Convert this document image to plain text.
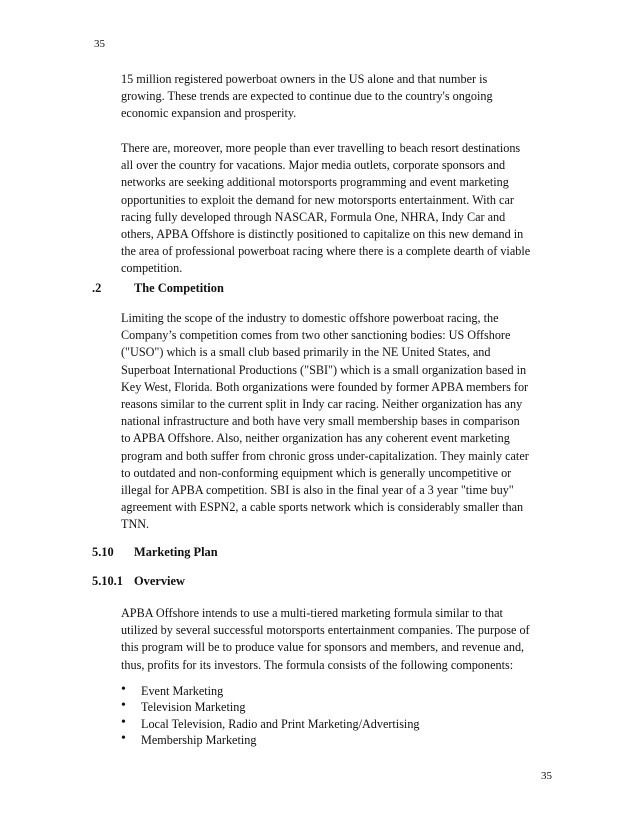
35

15 million registered powerboat owners in the US alone and that number is growing. These trends are expected to continue due to the country's ongoing economic expansion and prosperity.

There are, moreover, more people than ever travelling to beach resort destinations all over the country for vacations. Major media outlets, corporate sponsors and networks are seeking additional motorsports programming and event marketing opportunities to exploit the demand for new motorsports entertainment. With car racing fully developed through NASCAR, Formula One, NHRA, Indy Car and others, APBA Offshore is distinctly positioned to capitalize on this new demand in the area of professional powerboat racing where there is a complete dearth of viable competition.

.2	The Competition

Limiting the scope of the industry to domestic offshore powerboat racing, the Company’s competition comes from two other sanctioning bodies: US Offshore ("USO") which is a small club based primarily in the NE United States, and Superboat International Productions ("SBI") which is a small organization based in Key West, Florida. Both organizations were founded by former APBA members for reasons similar to the current split in Indy car racing. Neither organization has any national infrastructure and both have very small membership bases in comparison to APBA Offshore. Also, neither organization has any coherent event marketing program and both suffer from chronic gross under-capitalization. They mainly cater to outdated and non-conforming equipment which is generally uncompetitive or illegal for APBA competition. SBI is also in the final year of a 3 year "time buy" agreement with ESPN2, a cable sports network which is considerably smaller than TNN.

5.10 Marketing Plan
5.10.1 Overview

APBA Offshore intends to use a multi-tiered marketing formula similar to that utilized by several successful motorsports entertainment companies. The purpose of this program will be to produce value for sponsors and members, and revenue and, thus, profits for its investors. The formula consists of the following components:

• Event Marketing
• Television Marketing
• Local Television, Radio and Print Marketing/Advertising
• Membership Marketing
35
